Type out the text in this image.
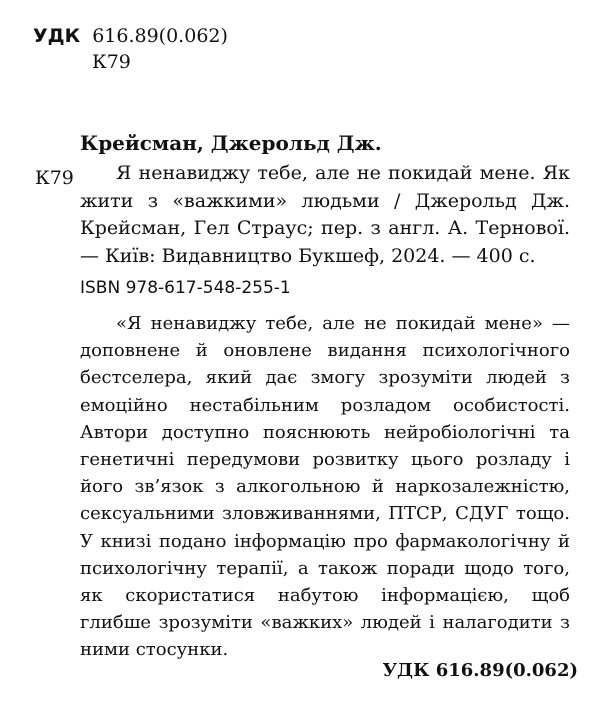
УДК 616.89(0.062)
К79
Крейсман, Джерольд Дж.
К79	Я ненавиджу тебе, але не покидай мене. Як жити з «важкими» людьми / Джерольд Дж. Крейсман, Гел Страус; пер. з англ. А. Тернової. — Київ: Видавництво Букшеф, 2024. — 400 с.
ISBN 978-617-548-255-1
«Я ненавиджу тебе, але не покидай мене» — доповнене й оновлене видання психологічного бестселера, який дає змогу зрозуміти людей з емоційно нестабільним розладом особистості. Автори доступно пояснюють нейробіологічні та генетичні передумови розвитку цього розладу і його зв’язок з алкогольною й наркозалежністю, сексуальними зловживаннями, ПТСР, СДУГ тощо. У книзі подано інформацію про фармакологічну й психологічну терапії, а також поради щодо того, як скористатися набутою інформацією, щоб глибше зрозуміти «важких» людей і налагодити з ними стосунки.
УДК 616.89(0.062)
